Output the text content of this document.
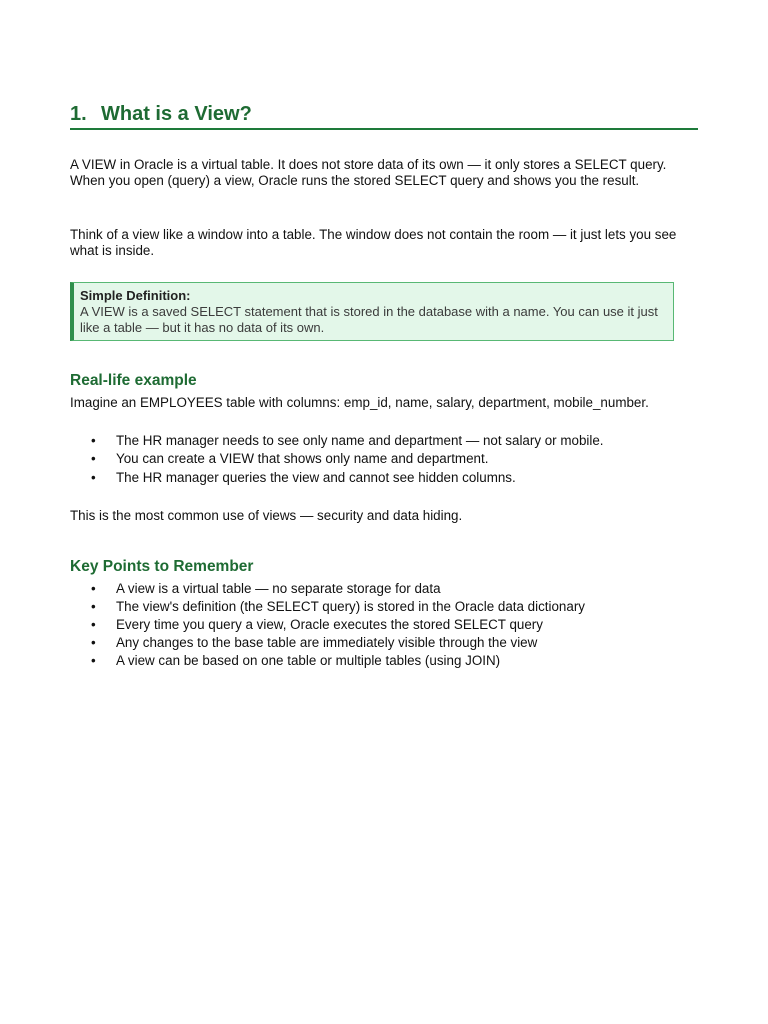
1. What is a View?
A VIEW in Oracle is a virtual table. It does not store data of its own — it only stores a SELECT query. When you open (query) a view, Oracle runs the stored SELECT query and shows you the result.
Think of a view like a window into a table. The window does not contain the room — it just lets you see what is inside.
Simple Definition:
A VIEW is a saved SELECT statement that is stored in the database with a name. You can use it just like a table — but it has no data of its own.
Real-life example
Imagine an EMPLOYEES table with columns: emp_id, name, salary, department, mobile_number.
• The HR manager needs to see only name and department — not salary or mobile.
• You can create a VIEW that shows only name and department.
• The HR manager queries the view and cannot see hidden columns.
This is the most common use of views — security and data hiding.
Key Points to Remember
• A view is a virtual table — no separate storage for data
• The view's definition (the SELECT query) is stored in the Oracle data dictionary
• Every time you query a view, Oracle executes the stored SELECT query
• Any changes to the base table are immediately visible through the view
• A view can be based on one table or multiple tables (using JOIN)
